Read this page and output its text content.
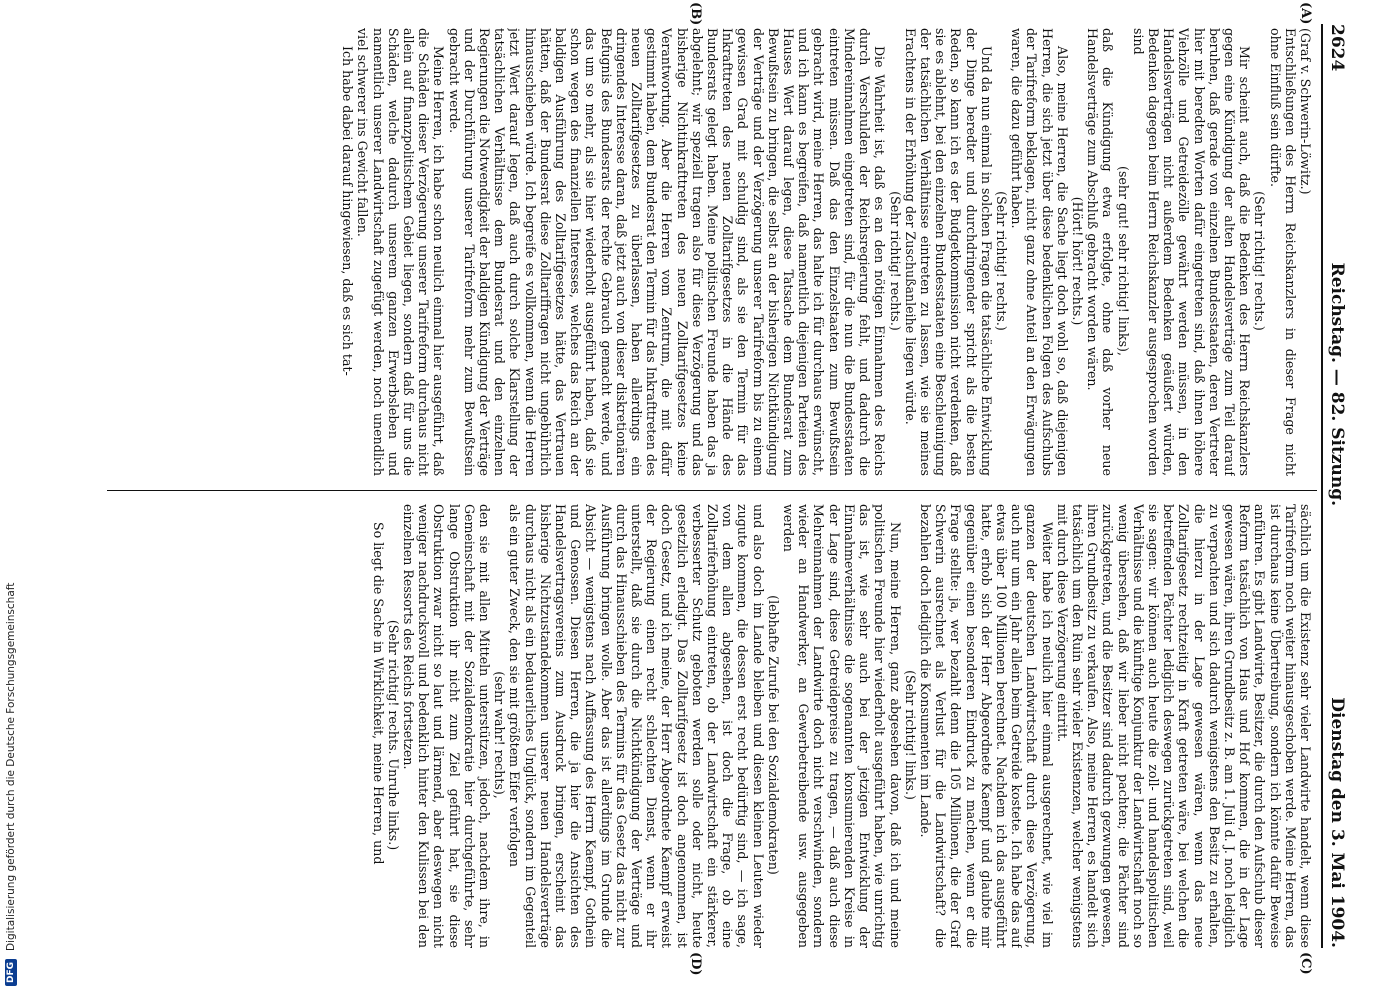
2624
Reichstag. — 82. Sitzung.
Dienstag den 3. Mai 1904.
(A)
(B)
(C)
(D)

(Graf v. Schwerin-Löwitz.)

Entschließungen des Herrn Reichskanzlers in dieser Frage nicht ohne Einfluß sein dürfte.

(Sehr richtig! rechts.)

Mir scheint auch, daß die Bedenken des Herrn Reichskanzlers gegen eine Kündigung der alten Handelsverträge zum Teil darauf beruhen, daß gerade von einzelnen Bundesstaaten, deren Vertreter hier mit beredten Worten dafür eingetreten sind, daß ihnen höhere Viehzölle und Getreidezölle gewährt werden müssen, in den Handelsverträgen nicht außerdem Bedenken geäußert würden, Bedenken dagegen beim Herrn Reichskanzler ausgesprochen worden sind

(sehr gut! sehr richtig! links),

daß die Kündigung etwa erfolgte, ohne daß vorher neue Handelsverträge zum Abschluß gebracht worden wären.

(Hört! hört! rechts.)

Also, meine Herren, die Sache liegt doch wohl so, daß diejenigen Herren, die sich jetzt über diese bedenklichen Folgen des Aufschubs der Tarifreform beklagen, nicht ganz ohne Anteil an den Erwägungen waren, die dazu geführt haben.

(Sehr richtig! rechts.)

Und da nun einmal in solchen Fragen die tatsächliche Entwicklung der Dinge beredter und durchdringender spricht als die besten Reden, so kann ich es der Budgetkommission nicht verdenken, daß sie es ablehnt, bei den einzelnen Bundesstaaten eine Beschleunigung der tatsächlichen Verhältnisse eintreten zu lassen, wie sie meines Erachtens in der Erhöhung der Zuschußanleihe liegen würde.

(Sehr richtig! rechts.)

Die Wahrheit ist, daß es an den nötigen Einnahmen des Reichs durch Verschulden der Reichsregierung fehlt, und dadurch die Mindereinnahmen eingetreten sind, für die nun die Bundesstaaten eintreten müssen. Daß das den Einzelstaaten zum Bewußtsein gebracht wird, meine Herren, das halte ich für durchaus erwünscht, und ich kann es begreifen, daß namentlich diejenigen Parteien des Hauses Wert darauf legen, diese Tatsache dem Bundesrat zum Bewußtsein zu bringen, die selbst an der bisherigen Nichtkündigung der Verträge und der Verzögerung unserer Tarifreform bis zu einem gewissen Grad mit schuldig sind, als sie den Termin für das Inkrafttreten des neuen Zolltarifgesetzes in die Hände des Bundesrats gelegt haben. Meine politischen Freunde haben das ja abgelehnt; wir speziell tragen also für diese Verzögerung und das bisherige Nichtinkrafttreten des neuen Zolltarifgesetzes keine Verantwortung. Aber die Herren vom Zentrum, die mit dafür gestimmt haben, dem Bundesrat den Termin für das Inkrafttreten des neuen Zolltarifgesetzes zu überlassen, haben allerdings ein dringendes Interesse daran, daß jetzt auch von dieser diskretionären Befugnis des Bundesrats der rechte Gebrauch gemacht werde, und das um so mehr, als sie hier wiederholt ausgeführt haben, daß sie schon wegen des finanziellen Interesses, welches das Reich an der baldigen Ausführung des Zolltarifgesetzes hätte, das Vertrauen hätten, daß der Bundesrat diese Zolltariffragen nicht ungebührlich hinausschieben würde. Ich begreife es vollkommen, wenn die Herren jetzt Wert darauf legen, daß auch durch solche Klarstellung der tatsächlichen Verhältnisse dem Bundesrat und den einzelnen Regierungen die Notwendigkeit der baldigen Kündigung der Verträge und der Durchführung unserer Tarifreform mehr zum Bewußtsein gebracht werde.

Meine Herren, ich habe schon neulich einmal hier ausgeführt, daß die Schäden dieser Verzögerung unserer Tarifreform durchaus nicht allein auf finanzpolitischem Gebiet liegen, sondern daß für uns die Schäden, welche dadurch unserem ganzen Erwerbsleben und namentlich unserer Landwirtschaft zugefügt werden, noch unendlich viel schwerer ins Gewicht fallen.

Ich habe dabei darauf hingewiesen, daß es sich tat-

sächlich um die Existenz sehr vieler Landwirte handelt, wenn diese Tarifreform noch weiter hinausgeschoben werde. Meine Herren, das ist durchaus keine Übertreibung, sondern ich könnte dafür Beweise anführen. Es gibt Landwirte, Besitzer, die durch den Aufschub dieser Reform tatsächlich von Haus und Hof kommen, die in der Lage gewesen wären, ihren Grundbesitz z. B. am 1. Juli d. J. noch lediglich zu verpachten und sich dadurch wenigstens den Besitz zu erhalten, die hierzu in der Lage gewesen wären, wenn das neue Zolltarifgesetz rechtzeitig in Kraft getreten wäre, bei welchen die betreffenden Pächter lediglich deswegen zurückgetreten sind, weil sie sagen: wir können auch heute die zoll- und handelspolitischen Verhältnisse und die künftige Konjunktur der Landwirtschaft noch so wenig übersehen, daß wir lieber nicht pachten; die Pächter sind zurückgetreten, und die Besitzer sind dadurch gezwungen gewesen, ihren Grundbesitz zu verkaufen. Also, meine Herren, es handelt sich tatsächlich um den Ruin sehr vieler Existenzen, welcher wenigstens mit durch diese Verzögerung eintritt.

Weiter habe ich neulich hier einmal ausgerechnet, wie viel im ganzen der deutschen Landwirtschaft durch diese Verzögerung, auch nur um ein Jahr allein beim Getreide kostete. Ich habe das auf etwas über 100 Millionen berechnet. Nachdem ich das ausgeführt hatte, erhob sich der Herr Abgeordnete Kaempf und glaubte mir gegenüber einen besonderen Eindruck zu machen, wenn er die Frage stellte: ja, wer bezahlt denn die 105 Millionen, die der Graf Schwerin ausrechnet als Verlust für die Landwirtschaft? die bezahlen doch lediglich die Konsumenten im Lande.

(Sehr richtig! links.)

Nun, meine Herren, ganz abgesehen davon, daß ich und meine politischen Freunde hier wiederholt ausgeführt haben, wie unrichtig das ist, wie sehr auch bei der jetzigen Entwicklung der Einnahmeverhältnisse die sogenannten konsumierenden Kreise in der Lage sind, diese Getreidepreise zu tragen, — daß auch diese Mehreinnahmen der Landwirte doch nicht verschwinden, sondern wieder an Handwerker, an Gewerbetreibende usw. ausgegeben werden

(lebhafte Zurufe bei den Sozialdemokraten)

und also doch im Lande bleiben und diesen kleinen Leuten wieder zugute kommen, die dessen erst recht bedürftig sind, — ich sage, von dem allen abgesehen, ist doch die Frage, ob eine Zolltariferhöhung eintreten, ob der Landwirtschaft ein stärkerer, verbesserter Schutz geboten werden solle oder nicht, heute gesetzlich erledigt. Das Zolltarifgesetz ist doch angenommen, ist doch Gesetz, und ich meine, der Herr Abgeordnete Kaempf erweist der Regierung einen recht schlechten Dienst, wenn er ihr unterstellt, daß sie durch die Nichtkündigung der Verträge und durch das Hinausschieben des Termins für das Gesetz das nicht zur Ausführung bringen wolle. Aber das ist allerdings im Grunde die Absicht — wenigstens nach Auffassung des Herrn Kaempf, Gothein und Genossen. Diesen Herren, die ja hier die Ansichten des Handelsvertragsvereins zum Ausdruck bringen, erscheint das bisherige Nichtzustandekommen unserer neuen Handelsverträge durchaus nicht als ein bedauerliches Unglück, sondern im Gegenteil als ein guter Zweck, den sie mit größtem Eifer verfolgen

(sehr wahr! rechts),

den sie mit allen Mitteln unterstützen, jedoch, nachdem ihre, in Gemeinschaft mit der Sozialdemokratie hier durchgeführte, sehr lange Obstruktion ihr nicht zum Ziel geführt hat, sie diese Obstruktion zwar nicht so laut und lärmend, aber deswegen nicht weniger nachdrucksvoll und bedenklich hinter den Kulissen bei den einzelnen Ressorts des Reichs fortsetzen.

(Sehr richtig! rechts. Unruhe links.)

So liegt die Sache in Wirklichkeit, meine Herren, und

DFG
Digitalisierung gefördert durch die Deutsche Forschungsgemeinschaft
